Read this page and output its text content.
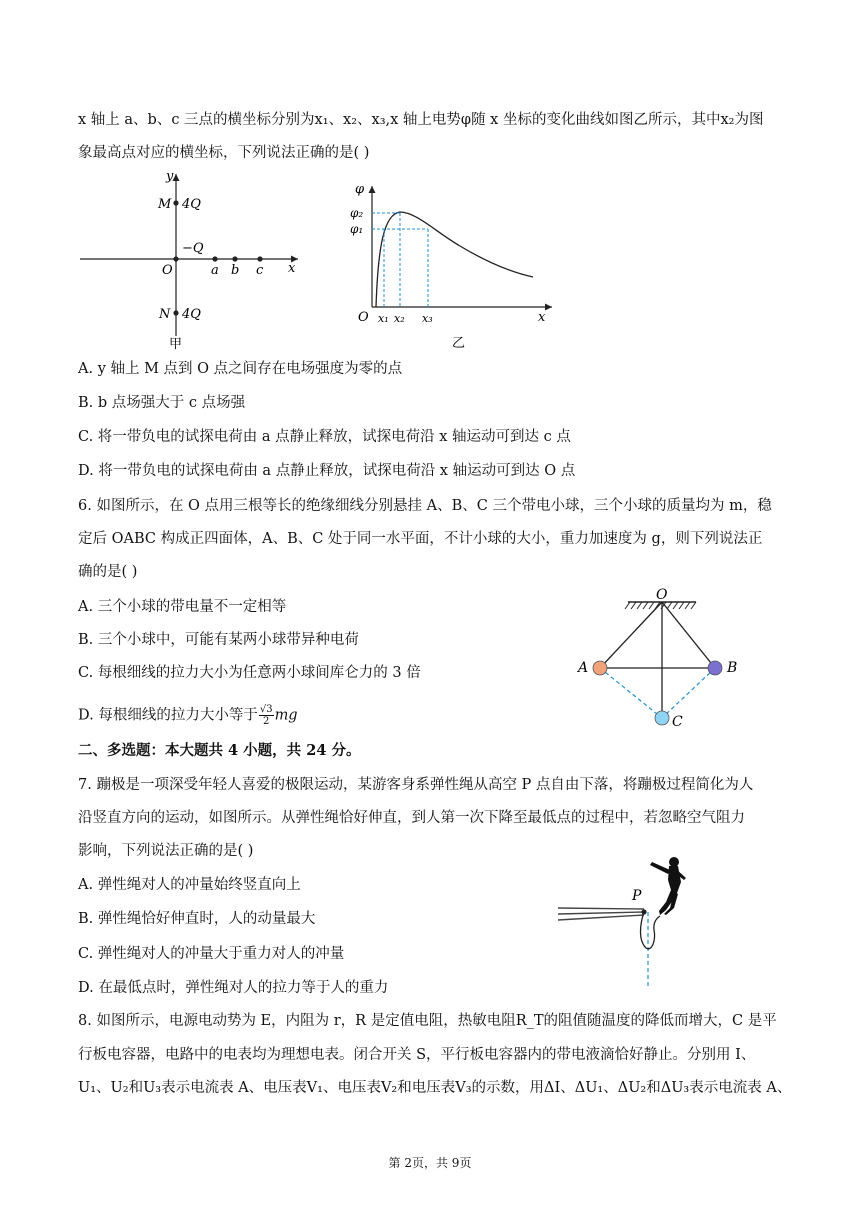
x 轴上 a、b、c 三点的横坐标分别为x₁、x₂、x₃,x 轴上电势φ随 x 坐标的变化曲线如图乙所示，其中x₂为图
象最高点对应的横坐标，下列说法正确的是( )
y
x
M 4Q
−Q
O	a b c
N 4Q
甲
φ
φ₂
φ₁
O x₁ x₂ x₃	x
乙
A. y 轴上 M 点到 O 点之间存在电场强度为零的点
B. b 点场强大于 c 点场强
C. 将一带负电的试探电荷由 a 点静止释放，试探电荷沿 x 轴运动可到达 c 点
D. 将一带负电的试探电荷由 a 点静止释放，试探电荷沿 x 轴运动可到达 O 点
6. 如图所示，在 O 点用三根等长的绝缘细线分别悬挂 A、B、C 三个带电小球，三个小球的质量均为 m，稳
定后 OABC 构成正四面体，A、B、C 处于同一水平面，不计小球的大小，重力加速度为 g，则下列说法正
确的是( )
A. 三个小球的带电量不一定相等
B. 三个小球中，可能有某两小球带异种电荷
C. 每根细线的拉力大小为任意两小球间库仑力的 3 倍
D. 每根细线的拉力大小等于 $\frac{√3}{2}$ mg
O
A	B
C
二、多选题：本大题共 4 小题，共 24 分。
7. 蹦极是一项深受年轻人喜爱的极限运动，某游客身系弹性绳从高空 P 点自由下落，将蹦极过程简化为人
沿竖直方向的运动，如图所示。从弹性绳恰好伸直，到人第一次下降至最低点的过程中，若忽略空气阻力
影响，下列说法正确的是( )
A. 弹性绳对人的冲量始终竖直向上
B. 弹性绳恰好伸直时，人的动量最大
C. 弹性绳对人的冲量大于重力对人的冲量
D. 在最低点时，弹性绳对人的拉力等于人的重力
P
8. 如图所示，电源电动势为 E，内阻为 r，R 是定值电阻，热敏电阻R_T的阻值随温度的降低而增大，C 是平
行板电容器，电路中的电表均为理想电表。闭合开关 S，平行板电容器内的带电液滴恰好静止。分别用 I、
U₁、U₂和U₃表示电流表 A、电压表V₁、电压表V₂和电压表V₃的示数，用ΔI、ΔU₁、ΔU₂和ΔU₃表示电流表 A、
第 2页，共 9页
